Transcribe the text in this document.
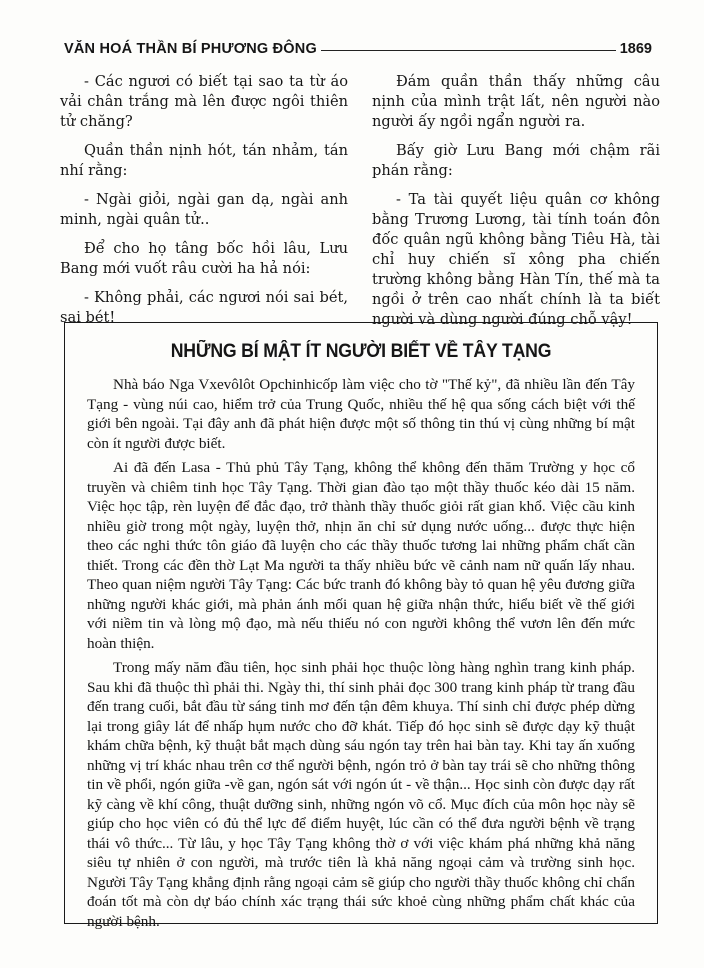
VĂN HOÁ THẦN BÍ PHƯƠNG ĐÔNG	1869

- Các ngươi có biết tại sao ta từ áo vải chân trắng mà lên được ngôi thiên tử chăng?

Quần thần nịnh hót, tán nhảm, tán nhí rằng:

- Ngài giỏi, ngài gan dạ, ngài anh minh, ngài quân tử..

Để cho họ tâng bốc hồi lâu, Lưu Bang mới vuốt râu cười ha hả nói:

- Không phải, các ngươi nói sai bét, sai bét!

Đám quần thần thấy những câu nịnh của mình trật lất, nên người nào người ấy ngồi ngẩn người ra.

Bấy giờ Lưu Bang mới chậm rãi phán rằng:

- Ta tài quyết liệu quân cơ không bằng Trương Lương, tài tính toán đôn đốc quân ngũ không bằng Tiêu Hà, tài chỉ huy chiến sĩ xông pha chiến trường không bằng Hàn Tín, thế mà ta ngồi ở trên cao nhất chính là ta biết người và dùng người đúng chỗ vậy!

NHỮNG BÍ MẬT ÍT NGƯỜI BIẾT VỀ TÂY TẠNG

Nhà báo Nga Vxevôlôt Opchinhicốp làm việc cho tờ "Thế kỷ", đã nhiều lần đến Tây Tạng - vùng núi cao, hiểm trở của Trung Quốc, nhiều thế hệ qua sống cách biệt với thế giới bên ngoài. Tại đây anh đã phát hiện được một số thông tin thú vị cùng những bí mật còn ít người được biết.

Ai đã đến Lasa - Thủ phủ Tây Tạng, không thể không đến thăm Trường y học cổ truyền và chiêm tinh học Tây Tạng. Thời gian đào tạo một thầy thuốc kéo dài 15 năm. Việc học tập, rèn luyện để đắc đạo, trở thành thầy thuốc giỏi rất gian khổ. Việc cầu kinh nhiều giờ trong một ngày, luyện thở, nhịn ăn chỉ sử dụng nước uống... được thực hiện theo các nghi thức tôn giáo đã luyện cho các thầy thuốc tương lai những phẩm chất cần thiết. Trong các đền thờ Lạt Ma người ta thấy nhiều bức vẽ cảnh nam nữ quấn lấy nhau. Theo quan niệm người Tây Tạng: Các bức tranh đó không bày tỏ quan hệ yêu đương giữa những người khác giới, mà phản ánh mối quan hệ giữa nhận thức, hiểu biết về thế giới với niềm tin và lòng mộ đạo, mà nếu thiếu nó con người không thể vươn lên đến mức hoàn thiện.

Trong mấy năm đầu tiên, học sinh phải học thuộc lòng hàng nghìn trang kinh pháp. Sau khi đã thuộc thì phải thi. Ngày thi, thí sinh phải đọc 300 trang kinh pháp từ trang đầu đến trang cuối, bắt đầu từ sáng tinh mơ đến tận đêm khuya. Thí sinh chỉ được phép dừng lại trong giây lát để nhấp hụm nước cho đỡ khát. Tiếp đó học sinh sẽ được dạy kỹ thuật khám chữa bệnh, kỹ thuật bắt mạch dùng sáu ngón tay trên hai bàn tay. Khi tay ấn xuống những vị trí khác nhau trên cơ thể người bệnh, ngón trỏ ở bàn tay trái sẽ cho những thông tin về phổi, ngón giữa -về gan, ngón sát với ngón út - về thận... Học sinh còn được dạy rất kỹ càng về khí công, thuật dưỡng sinh, những ngón võ cổ. Mục đích của môn học này sẽ giúp cho học viên có đủ thể lực để điểm huyệt, lúc cần có thể đưa người bệnh về trạng thái vô thức... Từ lâu, y học Tây Tạng không thờ ơ với việc khám phá những khả năng siêu tự nhiên ở con người, mà trước tiên là khả năng ngoại cảm và trường sinh học. Người Tây Tạng khẳng định rằng ngoại cảm sẽ giúp cho người thầy thuốc không chỉ chẩn đoán tốt mà còn dự báo chính xác trạng thái sức khoẻ cùng những phẩm chất khác của người bệnh.
